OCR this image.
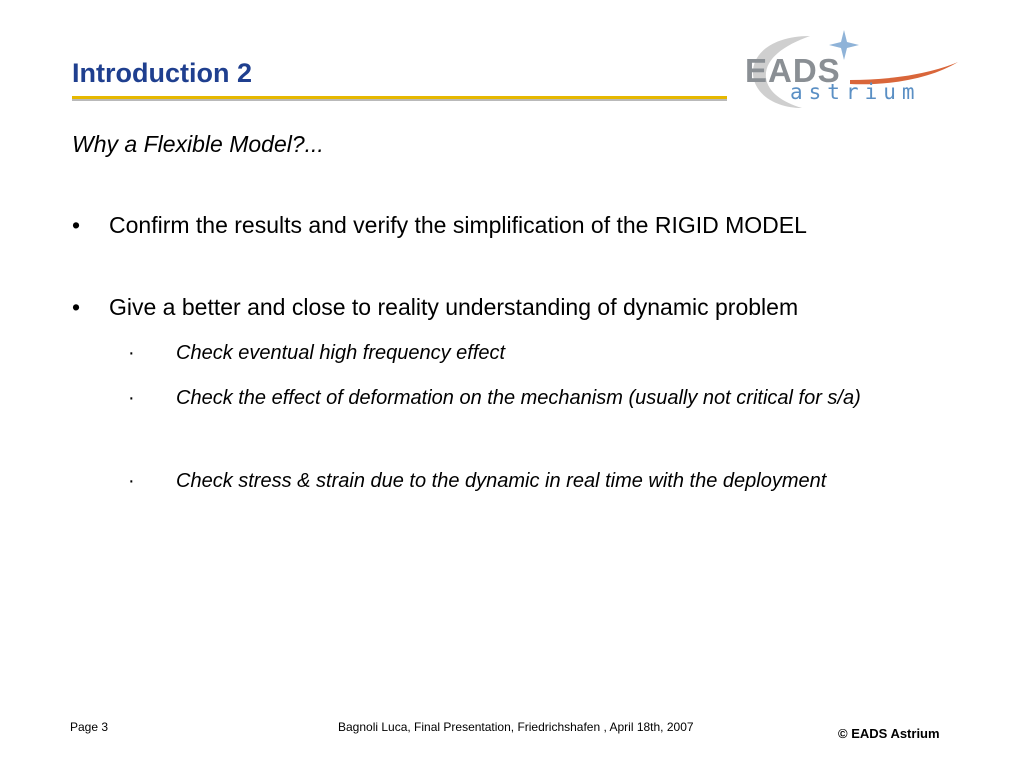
Introduction 2	EADS
astrium
Why a Flexible Model?...
•	Confirm the results and verify the simplification of the RIGID MODEL
•	Give a better and close to reality understanding of dynamic problem
·	Check eventual high frequency effect
·	Check the effect of deformation on the mechanism (usually not critical for s/a)
·	Check stress & strain due to the dynamic in real time with the deployment
Page 3	Bagnoli Luca, Final Presentation, Friedrichshafen , April 18th, 2007	© EADS Astrium
